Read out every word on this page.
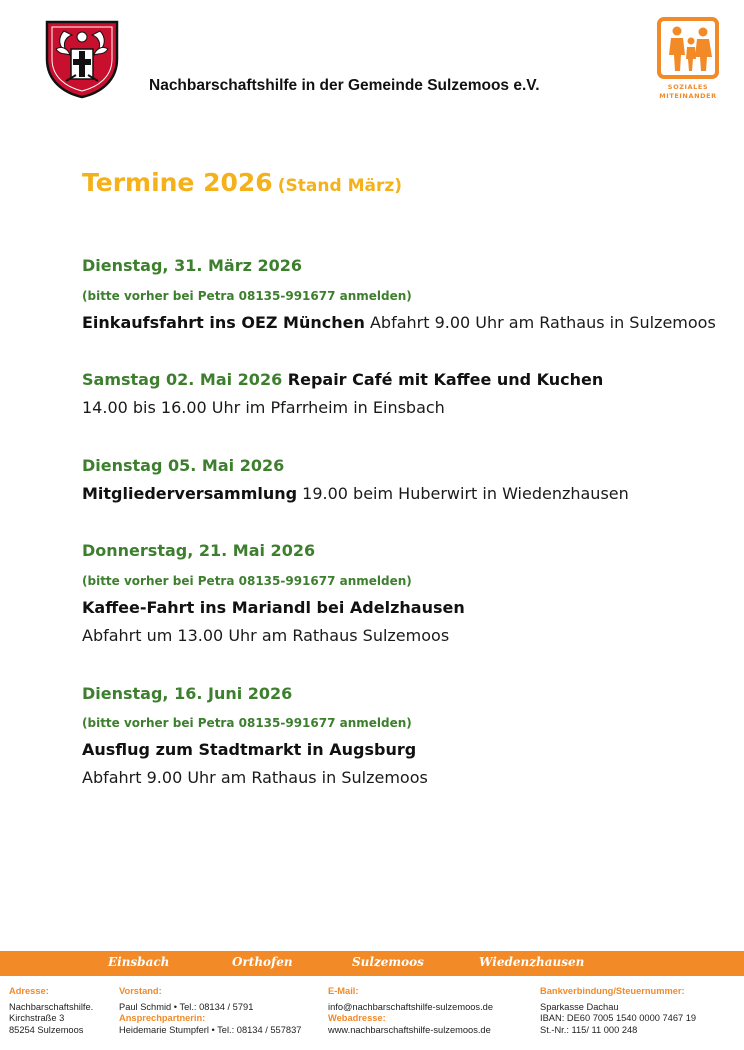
Nachbarschaftshilfe in der Gemeinde Sulzemoos e.V.	SOZIALES
MITEINANDER
Termine 2026 (Stand März)
Dienstag, 31. März 2026
(bitte vorher bei Petra 08135-991677 anmelden)
Einkaufsfahrt ins OEZ München Abfahrt 9.00 Uhr am Rathaus in Sulzemoos
Samstag 02. Mai 2026 Repair Café mit Kaffee und Kuchen
14.00 bis 16.00 Uhr im Pfarrheim in Einsbach
Dienstag 05. Mai 2026
Mitgliederversammlung 19.00 beim Huberwirt in Wiedenzhausen
Donnerstag, 21. Mai 2026
(bitte vorher bei Petra 08135-991677 anmelden)
Kaffee-Fahrt ins Mariandl bei Adelzhausen
Abfahrt um 13.00 Uhr am Rathaus Sulzemoos
Dienstag, 16. Juni 2026
(bitte vorher bei Petra 08135-991677 anmelden)
Ausflug zum Stadtmarkt in Augsburg
Abfahrt 9.00 Uhr am Rathaus in Sulzemoos
Einsbach	Orthofen	Sulzemoos	Wiedenzhausen
Adresse:
Nachbarschaftshilfe.
Kirchstraße 3
85254 Sulzemoos
Vorstand:
Paul Schmid • Tel.: 08134 / 5791
Ansprechpartnerin:
Heidemarie Stumpferl • Tel.: 08134 / 557837
E-Mail:
info@nachbarschaftshilfe-sulzemoos.de
Webadresse:
www.nachbarschaftshilfe-sulzemoos.de
Bankverbindung/Steuernummer:
Sparkasse Dachau
IBAN: DE60 7005 1540 0000 7467 19
St.-Nr.: 115/ 11 000 248
